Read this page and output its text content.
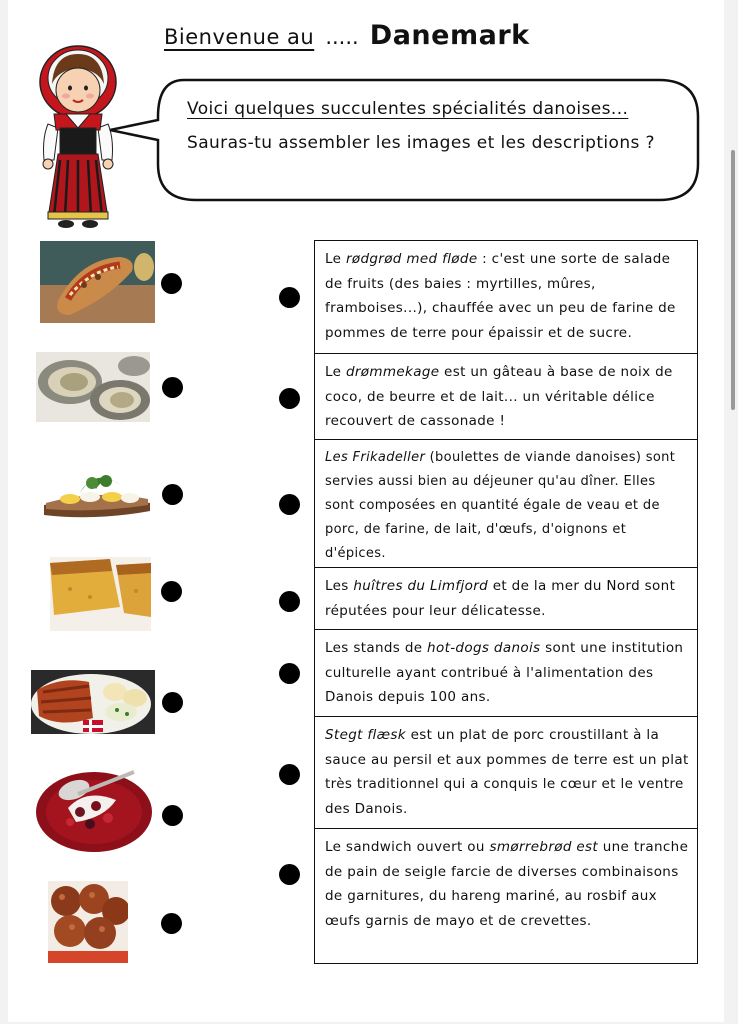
Bienvenue au ..... Danemark
Voici quelques succulentes spécialités danoises...
Sauras-tu assembler les images et les descriptions ?
Le rødgrød med fløde : c'est une sorte de salade de fruits (des baies : myrtilles, mûres, framboises...), chauffée avec un peu de farine de pommes de terre pour épaissir et de sucre.
Le drømmekage est un gâteau à base de noix de coco, de beurre et de lait... un véritable délice recouvert de cassonade !
Les Frikadeller (boulettes de viande danoises) sont servies aussi bien au déjeuner qu'au dîner. Elles sont composées en quantité égale de veau et de porc, de farine, de lait, d'œufs, d'oignons et d'épices.
Les huîtres du Limfjord et de la mer du Nord sont réputées pour leur délicatesse.
Les stands de hot-dogs danois sont une institution culturelle ayant contribué à l'alimentation des Danois depuis 100 ans.
Stegt flæsk est un plat de porc croustillant à la sauce au persil et aux pommes de terre est un plat très traditionnel qui a conquis le cœur et le ventre des Danois.
Le sandwich ouvert ou smørrebrød est une tranche de pain de seigle farcie de diverses combinaisons de garnitures, du hareng mariné, au rosbif aux œufs garnis de mayo et de crevettes.
